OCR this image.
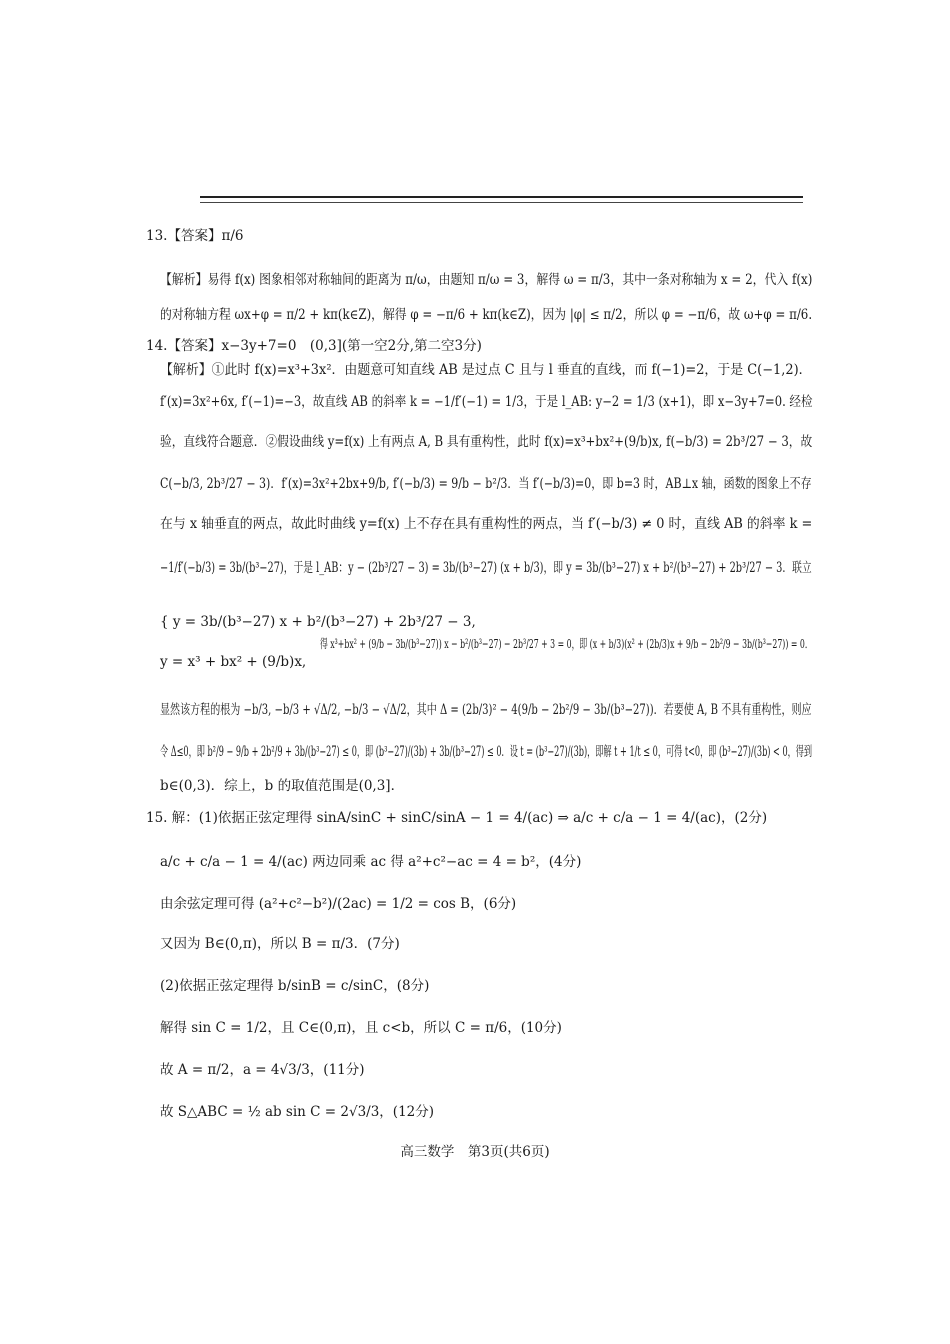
13.【答案】π/6
【解析】易得 f(x) 图象相邻对称轴间的距离为 π/ω，由题知 π/ω = 3，解得 ω = π/3，其中一条对称轴为 x = 2，代入 f(x)
的对称轴方程 ωx+φ = π/2 + kπ(k∈Z)，解得 φ = −π/6 + kπ(k∈Z)，因为 |φ| ≤ π/2，所以 φ = −π/6，故 ω+φ = π/6.
14.【答案】x−3y+7=0　(0,3](第一空2分,第二空3分)
【解析】①此时 f(x)=x³+3x²．由题意可知直线 AB 是过点 C 且与 l 垂直的直线，而 f(−1)=2，于是 C(−1,2)．
f′(x)=3x²+6x, f′(−1)=−3，故直线 AB 的斜率 k = −1/f′(−1) = 1/3，于是 l_AB: y−2 = 1/3 (x+1)，即 x−3y+7=0. 经检
验，直线符合题意．②假设曲线 y=f(x) 上有两点 A, B 具有重构性，此时 f(x)=x³+bx²+(9/b)x, f(−b/3) = 2b³/27 − 3，故
C(−b/3, 2b³/27 − 3)．f′(x)=3x²+2bx+9/b, f′(−b/3) = 9/b − b²/3．当 f′(−b/3)=0，即 b=3 时，AB⊥x 轴，函数的图象上不存
在与 x 轴垂直的两点，故此时曲线 y=f(x) 上不存在具有重构性的两点，当 f′(−b/3) ≠ 0 时，直线 AB 的斜率 k =
−1/f′(−b/3) = 3b/(b³−27)，于是 l_AB：y − (2b³/27 − 3) = 3b/(b³−27) (x + b/3)，即 y = 3b/(b³−27) x + b²/(b³−27) + 2b³/27 − 3．联立
{ y = 3b/(b³−27) x + b²/(b³−27) + 2b³/27 − 3,
y = x³ + bx² + (9/b)x,
得 x³+bx² + (9/b − 3b/(b³−27)) x − b²/(b³−27) − 2b³/27 + 3 = 0，即 (x + b/3)(x² + (2b/3)x + 9/b − 2b²/9 − 3b/(b³−27)) = 0．
显然该方程的根为 −b/3, −b/3 + √Δ/2, −b/3 − √Δ/2，其中 Δ = (2b/3)² − 4(9/b − 2b²/9 − 3b/(b³−27))．若要使 A, B 不具有重构性，则应
令 Δ≤0，即 b²/9 − 9/b + 2b²/9 + 3b/(b³−27) ≤ 0，即 (b³−27)/(3b) + 3b/(b³−27) ≤ 0．设 t = (b³−27)/(3b)，即解 t + 1/t ≤ 0，可得 t<0，即 (b³−27)/(3b) < 0，得到
b∈(0,3)．综上，b 的取值范围是(0,3]．
15. 解：(1)依据正弦定理得 sinA/sinC + sinC/sinA − 1 = 4/(ac) ⇒ a/c + c/a − 1 = 4/(ac)，(2分)
a/c + c/a − 1 = 4/(ac) 两边同乘 ac 得 a²+c²−ac = 4 = b²，(4分)
由余弦定理可得 (a²+c²−b²)/(2ac) = 1/2 = cos B，(6分)
又因为 B∈(0,π)，所以 B = π/3．(7分)
(2)依据正弦定理得 b/sinB = c/sinC，(8分)
解得 sin C = 1/2，且 C∈(0,π)，且 c<b，所以 C = π/6，(10分)
故 A = π/2，a = 4√3/3，(11分)
故 S△ABC = ½ ab sin C = 2√3/3，(12分)
高三数学　第3页(共6页)
